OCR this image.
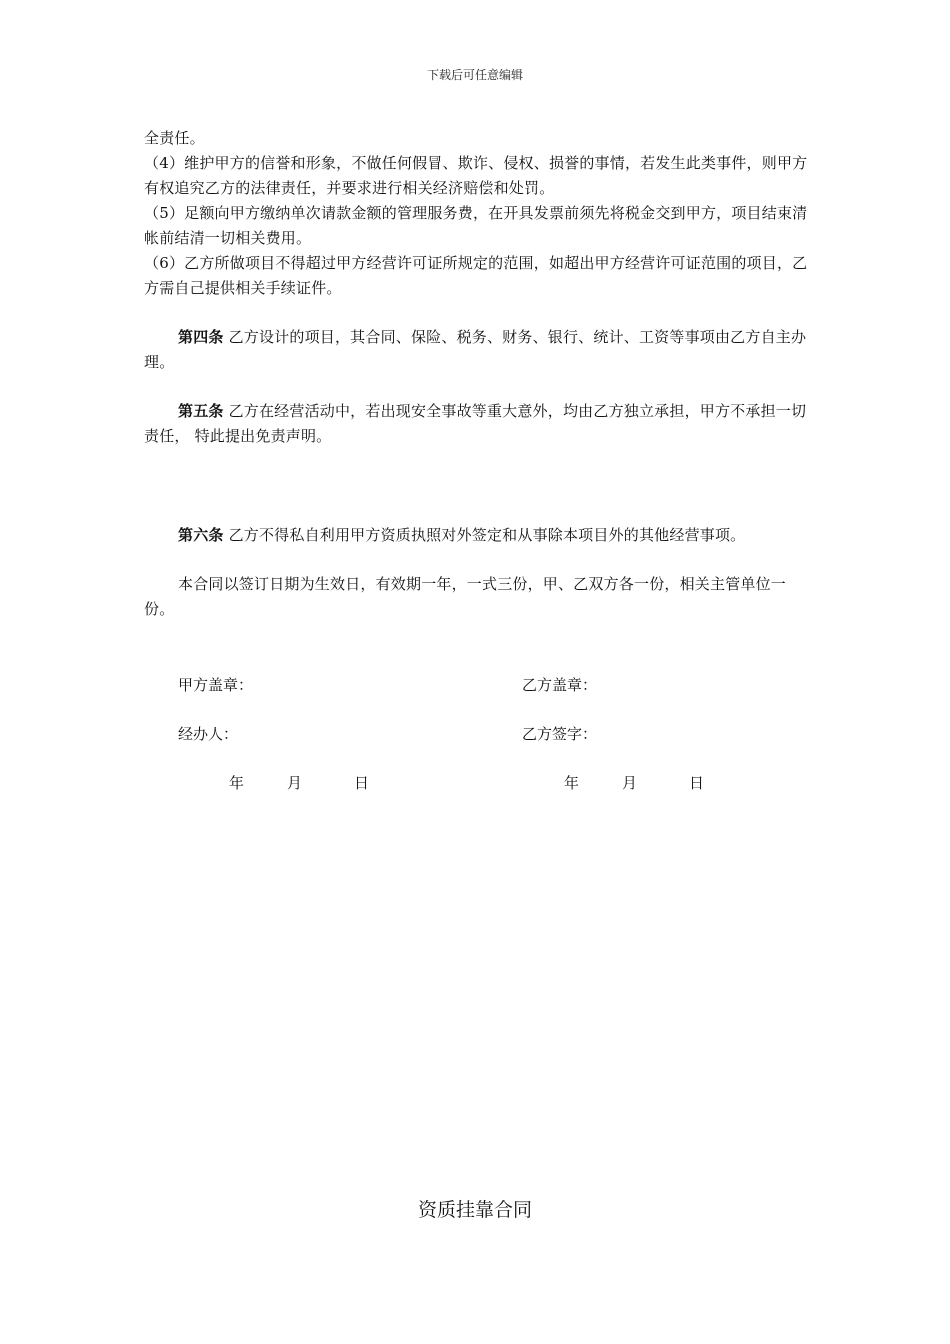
下载后可任意编辑

全责任。

（4）维护甲方的信誉和形象，不做任何假冒、欺诈、侵权、损誉的事情，若发生此类事件，则甲方有权追究乙方的法律责任，并要求进行相关经济赔偿和处罚。

（5）足额向甲方缴纳单次请款金额的管理服务费，在开具发票前须先将税金交到甲方，项目结束清帐前结清一切相关费用。

（6）乙方所做项目不得超过甲方经营许可证所规定的范围，如超出甲方经营许可证范围的项目，乙方需自己提供相关手续证件。

第四条 乙方设计的项目，其合同、保险、税务、财务、银行、统计、工资等事项由乙方自主办理。

第五条 乙方在经营活动中，若出现安全事故等重大意外，均由乙方独立承担，甲方不承担一切责任， 特此提出免责声明。

第六条 乙方不得私自利用甲方资质执照对外签定和从事除本项目外的其他经营事项。

本合同以签订日期为生效日，有效期一年，一式三份，甲、乙双方各一份，相关主管单位一份。

甲方盖章：	乙方盖章：
经办人：	乙方签字：
年	月	日	年	月	日
资质挂靠合同
